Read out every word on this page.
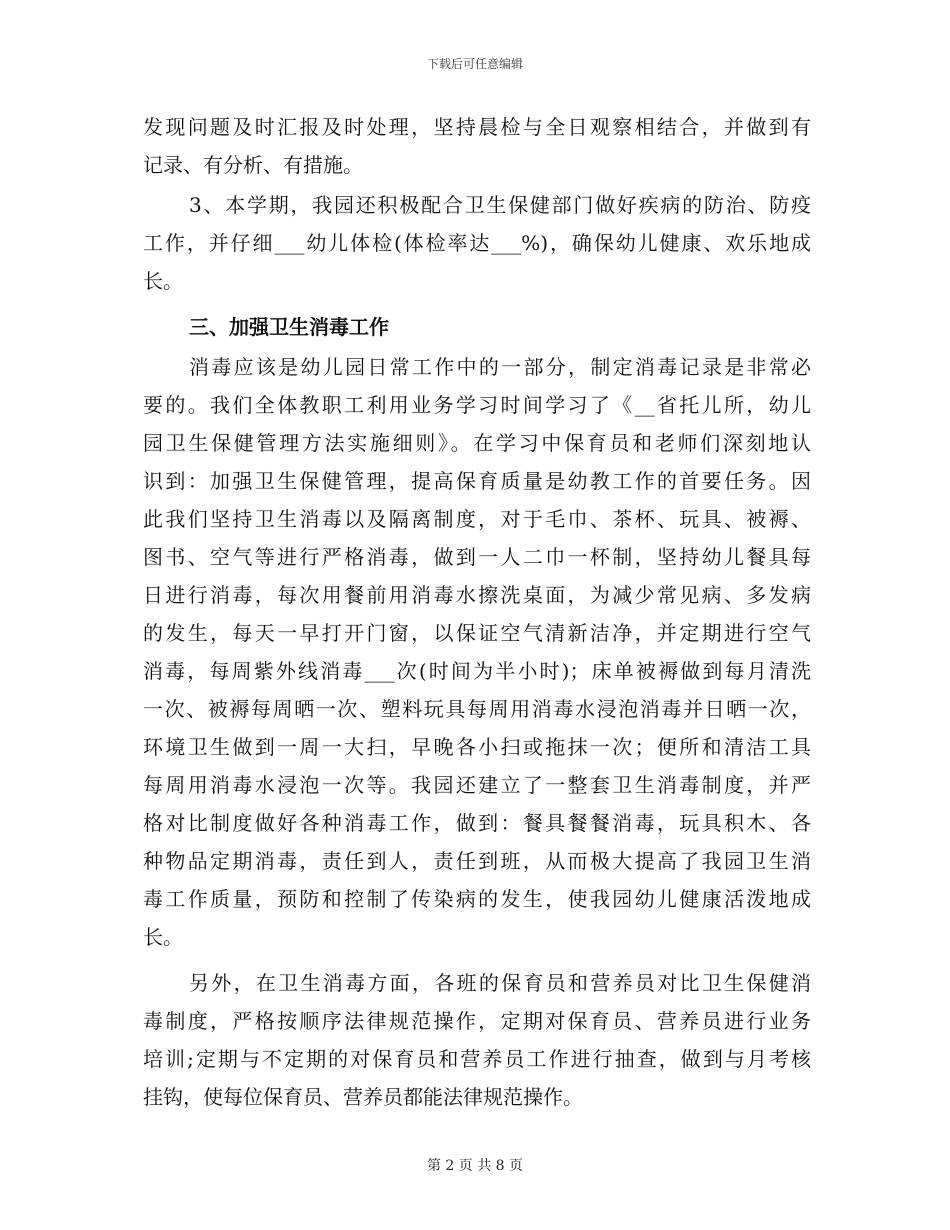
下载后可任意编辑
发现问题及时汇报及时处理，坚持晨检与全日观察相结合，并做到有
记录、有分析、有措施。
3、本学期，我园还积极配合卫生保健部门做好疾病的防治、防疫
工作，并仔细___幼儿体检(体检率达___%)，确保幼儿健康、欢乐地成
长。
三、加强卫生消毒工作
消毒应该是幼儿园日常工作中的一部分，制定消毒记录是非常必
要的。我们全体教职工利用业务学习时间学习了《__省托儿所，幼儿
园卫生保健管理方法实施细则》。在学习中保育员和老师们深刻地认
识到：加强卫生保健管理，提高保育质量是幼教工作的首要任务。因
此我们坚持卫生消毒以及隔离制度，对于毛巾、茶杯、玩具、被褥、
图书、空气等进行严格消毒，做到一人二巾一杯制，坚持幼儿餐具每
日进行消毒，每次用餐前用消毒水擦洗桌面，为减少常见病、多发病
的发生，每天一早打开门窗，以保证空气清新洁净，并定期进行空气
消毒，每周紫外线消毒___次(时间为半小时)；床单被褥做到每月清洗
一次、被褥每周晒一次、塑料玩具每周用消毒水浸泡消毒并日晒一次，
环境卫生做到一周一大扫，早晚各小扫或拖抹一次；便所和清洁工具
每周用消毒水浸泡一次等。我园还建立了一整套卫生消毒制度，并严
格对比制度做好各种消毒工作，做到：餐具餐餐消毒，玩具积木、各
种物品定期消毒，责任到人，责任到班，从而极大提高了我园卫生消
毒工作质量，预防和控制了传染病的发生，使我园幼儿健康活泼地成
长。
另外，在卫生消毒方面，各班的保育员和营养员对比卫生保健消
毒制度，严格按顺序法律规范操作，定期对保育员、营养员进行业务
培训;定期与不定期的对保育员和营养员工作进行抽查，做到与月考核
挂钩，使每位保育员、营养员都能法律规范操作。
第 2 页 共 8 页
